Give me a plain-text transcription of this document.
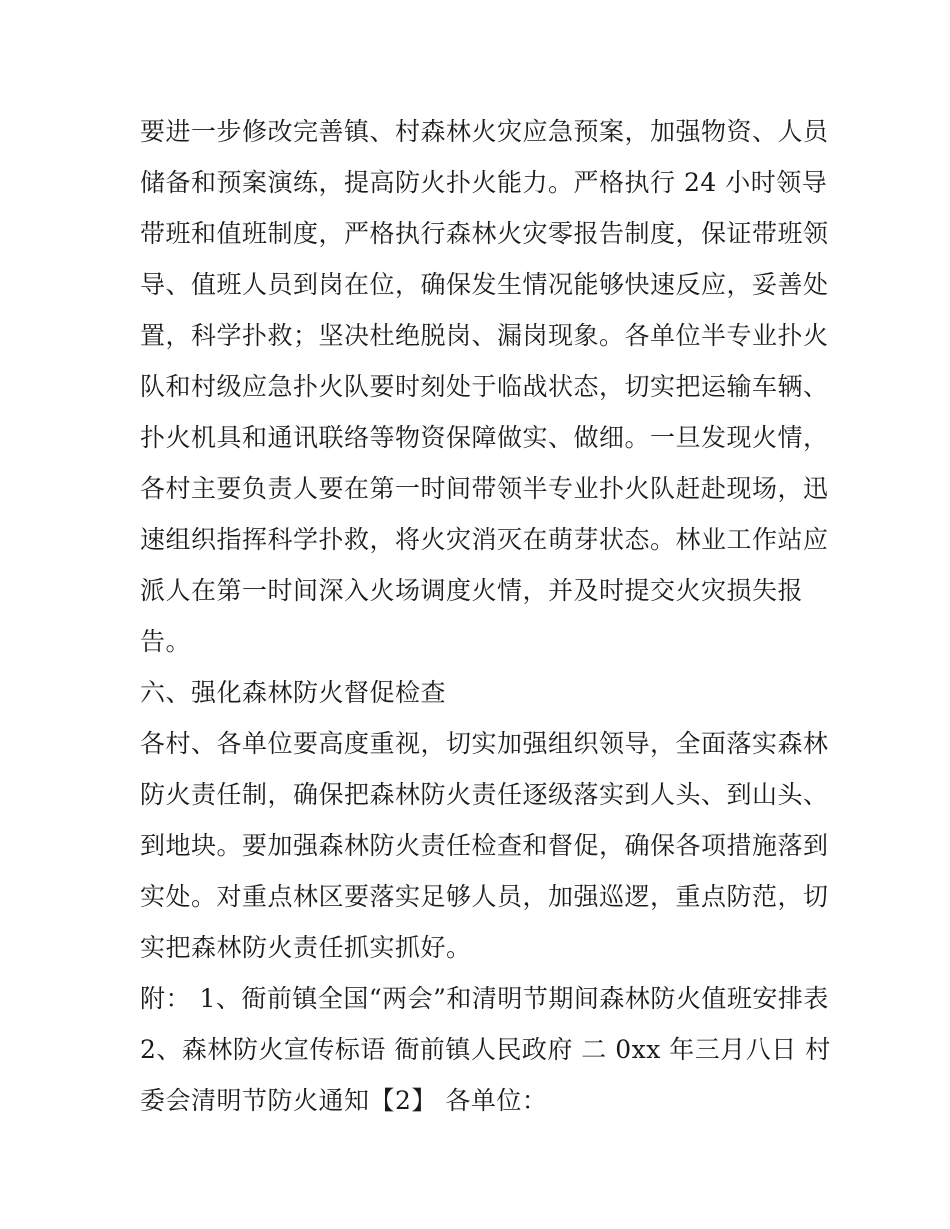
要进一步修改完善镇、村森林火灾应急预案，加强物资、人员
储备和预案演练，提高防火扑火能力。严格执行 24 小时领导
带班和值班制度，严格执行森林火灾零报告制度，保证带班领
导、值班人员到岗在位，确保发生情况能够快速反应，妥善处
置，科学扑救；坚决杜绝脱岗、漏岗现象。各单位半专业扑火
队和村级应急扑火队要时刻处于临战状态，切实把运输车辆、
扑火机具和通讯联络等物资保障做实、做细。一旦发现火情，
各村主要负责人要在第一时间带领半专业扑火队赶赴现场，迅
速组织指挥科学扑救，将火灾消灭在萌芽状态。林业工作站应
派人在第一时间深入火场调度火情，并及时提交火灾损失报
告。
六、强化森林防火督促检查
各村、各单位要高度重视，切实加强组织领导，全面落实森林
防火责任制，确保把森林防火责任逐级落实到人头、到山头、
到地块。要加强森林防火责任检查和督促，确保各项措施落到
实处。对重点林区要落实足够人员，加强巡逻，重点防范，切
实把森林防火责任抓实抓好。
附： 1、衙前镇全国“两会”和清明节期间森林防火值班安排表
2、森林防火宣传标语 衙前镇人民政府 二 0xx 年三月八日 村
委会清明节防火通知【2】 各单位：
